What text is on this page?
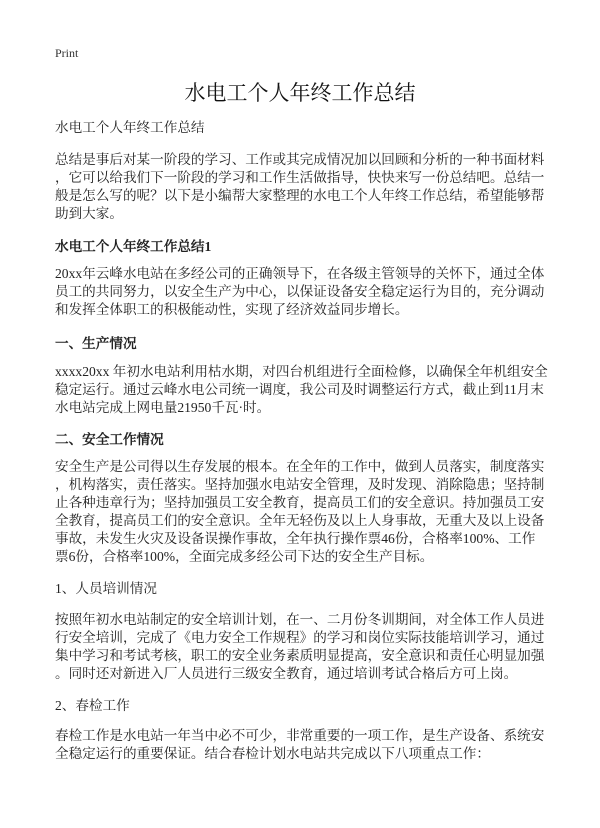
Print
水电工个人年终工作总结
水电工个人年终工作总结
总结是事后对某一阶段的学习、工作或其完成情况加以回顾和分析的一种书面材料
，它可以给我们下一阶段的学习和工作生活做指导，快快来写一份总结吧。总结一
般是怎么写的呢？以下是小编帮大家整理的水电工个人年终工作总结，希望能够帮
助到大家。
水电工个人年终工作总结1
20xx年云峰水电站在多经公司的正确领导下，在各级主管领导的关怀下，通过全体
员工的共同努力，以安全生产为中心，以保证设备安全稳定运行为目的，充分调动
和发挥全体职工的积极能动性，实现了经济效益同步增长。
一、生产情况
xxxx20xx 年初水电站利用枯水期，对四台机组进行全面检修，以确保全年机组安全
稳定运行。通过云峰水电公司统一调度，我公司及时调整运行方式，截止到11月末
水电站完成上网电量21950千瓦·时。
二、安全工作情况
安全生产是公司得以生存发展的根本。在全年的工作中，做到人员落实，制度落实
，机构落实，责任落实。坚持加强水电站安全管理，及时发现、消除隐患；坚持制
止各种违章行为；坚持加强员工安全教育，提高员工们的安全意识。持加强员工安
全教育，提高员工们的安全意识。全年无轻伤及以上人身事故，无重大及以上设备
事故，未发生火灾及设备误操作事故，全年执行操作票46份，合格率100%、工作
票6份，合格率100%，全面完成多经公司下达的安全生产目标。
1、人员培训情况
按照年初水电站制定的安全培训计划，在一、二月份冬训期间，对全体工作人员进
行安全培训，完成了《电力安全工作规程》的学习和岗位实际技能培训学习，通过
集中学习和考试考核，职工的安全业务素质明显提高，安全意识和责任心明显加强
。同时还对新进入厂人员进行三级安全教育，通过培训考试合格后方可上岗。
2、春检工作
春检工作是水电站一年当中必不可少，非常重要的一项工作，是生产设备、系统安
全稳定运行的重要保证。结合春检计划水电站共完成以下八项重点工作：
